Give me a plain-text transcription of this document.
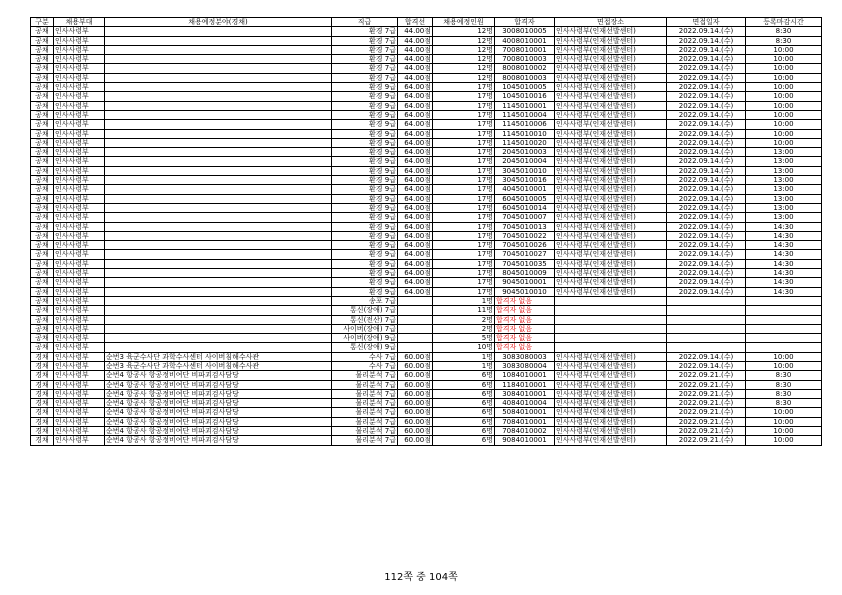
구분	채용부대	채용예정분야(경채)	직급	합격선	채용예정인원	합격자	면접장소	면접일자	등록마감시간
공채	인사사령부		환경 7급	44.00점	12명	3008010005	인사사령부(인재선발센터)	2022.09.14.(수)	8:30
공채	인사사령부		환경 7급	44.00점	12명	4008010001	인사사령부(인재선발센터)	2022.09.14.(수)	8:30
공채	인사사령부		환경 7급	44.00점	12명	7008010001	인사사령부(인재선발센터)	2022.09.14.(수)	10:00
공채	인사사령부		환경 7급	44.00점	12명	7008010003	인사사령부(인재선발센터)	2022.09.14.(수)	10:00
공채	인사사령부		환경 7급	44.00점	12명	8008010002	인사사령부(인재선발센터)	2022.09.14.(수)	10:00
공채	인사사령부		환경 7급	44.00점	12명	8008010003	인사사령부(인재선발센터)	2022.09.14.(수)	10:00
공채	인사사령부		환경 9급	64.00점	17명	1045010005	인사사령부(인재선발센터)	2022.09.14.(수)	10:00
공채	인사사령부		환경 9급	64.00점	17명	1045010016	인사사령부(인재선발센터)	2022.09.14.(수)	10:00
공채	인사사령부		환경 9급	64.00점	17명	1145010001	인사사령부(인재선발센터)	2022.09.14.(수)	10:00
공채	인사사령부		환경 9급	64.00점	17명	1145010004	인사사령부(인재선발센터)	2022.09.14.(수)	10:00
공채	인사사령부		환경 9급	64.00점	17명	1145010006	인사사령부(인재선발센터)	2022.09.14.(수)	10:00
공채	인사사령부		환경 9급	64.00점	17명	1145010010	인사사령부(인재선발센터)	2022.09.14.(수)	10:00
공채	인사사령부		환경 9급	64.00점	17명	1145010020	인사사령부(인재선발센터)	2022.09.14.(수)	10:00
공채	인사사령부		환경 9급	64.00점	17명	2045010003	인사사령부(인재선발센터)	2022.09.14.(수)	13:00
공채	인사사령부		환경 9급	64.00점	17명	2045010004	인사사령부(인재선발센터)	2022.09.14.(수)	13:00
공채	인사사령부		환경 9급	64.00점	17명	3045010010	인사사령부(인재선발센터)	2022.09.14.(수)	13:00
공채	인사사령부		환경 9급	64.00점	17명	3045010016	인사사령부(인재선발센터)	2022.09.14.(수)	13:00
공채	인사사령부		환경 9급	64.00점	17명	4045010001	인사사령부(인재선발센터)	2022.09.14.(수)	13:00
공채	인사사령부		환경 9급	64.00점	17명	6045010005	인사사령부(인재선발센터)	2022.09.14.(수)	13:00
공채	인사사령부		환경 9급	64.00점	17명	6045010014	인사사령부(인재선발센터)	2022.09.14.(수)	13:00
공채	인사사령부		환경 9급	64.00점	17명	7045010007	인사사령부(인재선발센터)	2022.09.14.(수)	13:00
공채	인사사령부		환경 9급	64.00점	17명	7045010013	인사사령부(인재선발센터)	2022.09.14.(수)	14:30
공채	인사사령부		환경 9급	64.00점	17명	7045010022	인사사령부(인재선발센터)	2022.09.14.(수)	14:30
공채	인사사령부		환경 9급	64.00점	17명	7045010026	인사사령부(인재선발센터)	2022.09.14.(수)	14:30
공채	인사사령부		환경 9급	64.00점	17명	7045010027	인사사령부(인재선발센터)	2022.09.14.(수)	14:30
공채	인사사령부		환경 9급	64.00점	17명	7045010035	인사사령부(인재선발센터)	2022.09.14.(수)	14:30
공채	인사사령부		환경 9급	64.00점	17명	8045010009	인사사령부(인재선발센터)	2022.09.14.(수)	14:30
공채	인사사령부		환경 9급	64.00점	17명	9045010001	인사사령부(인재선발센터)	2022.09.14.(수)	14:30
공채	인사사령부		환경 9급	64.00점	17명	9045010010	인사사령부(인재선발센터)	2022.09.14.(수)	14:30
공채	인사사령부		송포 7급		1명	합격자 없음			
공채	인사사령부		통신(장애) 7급		11명	합격자 없음			
공채	인사사령부		통신(전산) 7급		2명	합격자 없음			
공채	인사사령부		사이버(장애) 7급		2명	합격자 없음			
공채	인사사령부		사이버(장애) 9급		5명	합격자 없음			
공채	인사사령부		통신(장애) 9급		10명	합격자 없음			
경채	인사사령부	순번3 육군수사단 과학수사센터 사이버침해수사관	수사 7급	60.00점	1명	3083080003	인사사령부(인재선발센터)	2022.09.14.(수)	10:00
경채	인사사령부	순번3 육군수사단 과학수사센터 사이버침해수사관	수사 7급	60.00점	1명	3083080004	인사사령부(인재선발센터)	2022.09.14.(수)	10:00
경채	인사사령부	순번4 항공사 항공정비여단 비파괴검사담당	물리분석 7급	60.00점	6명	1084010001	인사사령부(인재선발센터)	2022.09.21.(수)	8:30
경채	인사사령부	순번4 항공사 항공정비여단 비파괴검사담당	물리분석 7급	60.00점	6명	1184010001	인사사령부(인재선발센터)	2022.09.21.(수)	8:30
경채	인사사령부	순번4 항공사 항공정비여단 비파괴검사담당	물리분석 7급	60.00점	6명	3084010001	인사사령부(인재선발센터)	2022.09.21.(수)	8:30
경채	인사사령부	순번4 항공사 항공정비여단 비파괴검사담당	물리분석 7급	60.00점	6명	4084010004	인사사령부(인재선발센터)	2022.09.21.(수)	8:30
경채	인사사령부	순번4 항공사 항공정비여단 비파괴검사담당	물리분석 7급	60.00점	6명	5084010001	인사사령부(인재선발센터)	2022.09.21.(수)	10:00
경채	인사사령부	순번4 항공사 항공정비여단 비파괴검사담당	물리분석 7급	60.00점	6명	7084010001	인사사령부(인재선발센터)	2022.09.21.(수)	10:00
경채	인사사령부	순번4 항공사 항공정비여단 비파괴검사담당	물리분석 7급	60.00점	6명	7084010002	인사사령부(인재선발센터)	2022.09.21.(수)	10:00
경채	인사사령부	순번4 항공사 항공정비여단 비파괴검사담당	물리분석 7급	60.00점	6명	9084010001	인사사령부(인재선발센터)	2022.09.21.(수)	10:00
112쪽 중 104쪽
